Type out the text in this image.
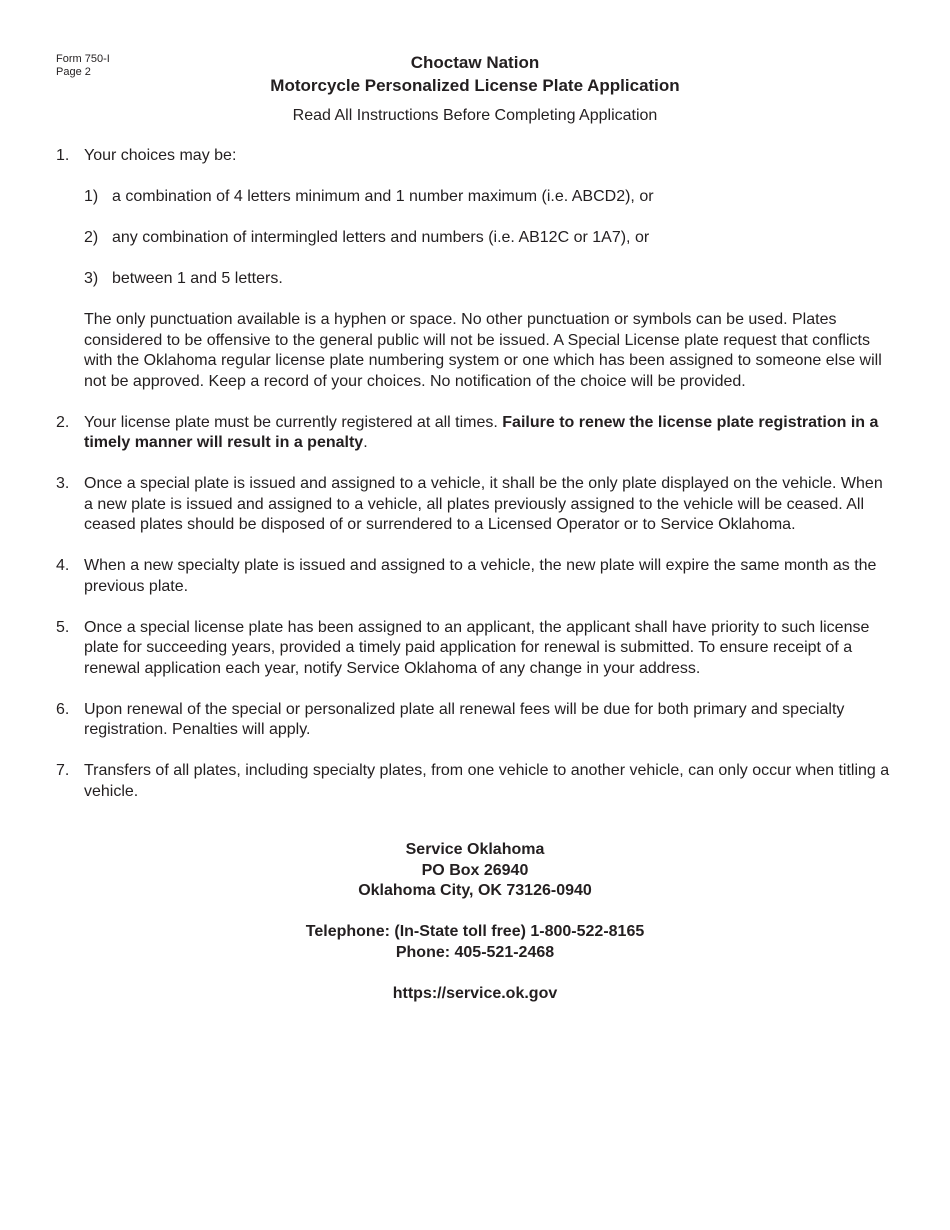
Form 750-I
Page 2	Choctaw Nation
Motorcycle Personalized License Plate Application
Read All Instructions Before Completing Application
1. Your choices may be:
1) a combination of 4 letters minimum and 1 number maximum (i.e. ABCD2), or
2) any combination of intermingled letters and numbers (i.e. AB12C or 1A7), or
3) between 1 and 5 letters.
The only punctuation available is a hyphen or space. No other punctuation or symbols can be used. Plates considered to be offensive to the general public will not be issued. A Special License plate request that conflicts with the Oklahoma regular license plate numbering system or one which has been assigned to someone else will not be approved. Keep a record of your choices. No notification of the choice will be provided.
2. Your license plate must be currently registered at all times. Failure to renew the license plate registration in a timely manner will result in a penalty.
3. Once a special plate is issued and assigned to a vehicle, it shall be the only plate displayed on the vehicle. When a new plate is issued and assigned to a vehicle, all plates previously assigned to the vehicle will be ceased. All ceased plates should be disposed of or surrendered to a Licensed Operator or to Service Oklahoma.
4. When a new specialty plate is issued and assigned to a vehicle, the new plate will expire the same month as the previous plate.
5. Once a special license plate has been assigned to an applicant, the applicant shall have priority to such license plate for succeeding years, provided a timely paid application for renewal is submitted. To ensure receipt of a renewal application each year, notify Service Oklahoma of any change in your address.
6. Upon renewal of the special or personalized plate all renewal fees will be due for both primary and specialty registration. Penalties will apply.
7. Transfers of all plates, including specialty plates, from one vehicle to another vehicle, can only occur when titling a vehicle.
Service Oklahoma
PO Box 26940
Oklahoma City, OK 73126-0940
Telephone: (In-State toll free) 1-800-522-8165
Phone: 405-521-2468
https://service.ok.gov
